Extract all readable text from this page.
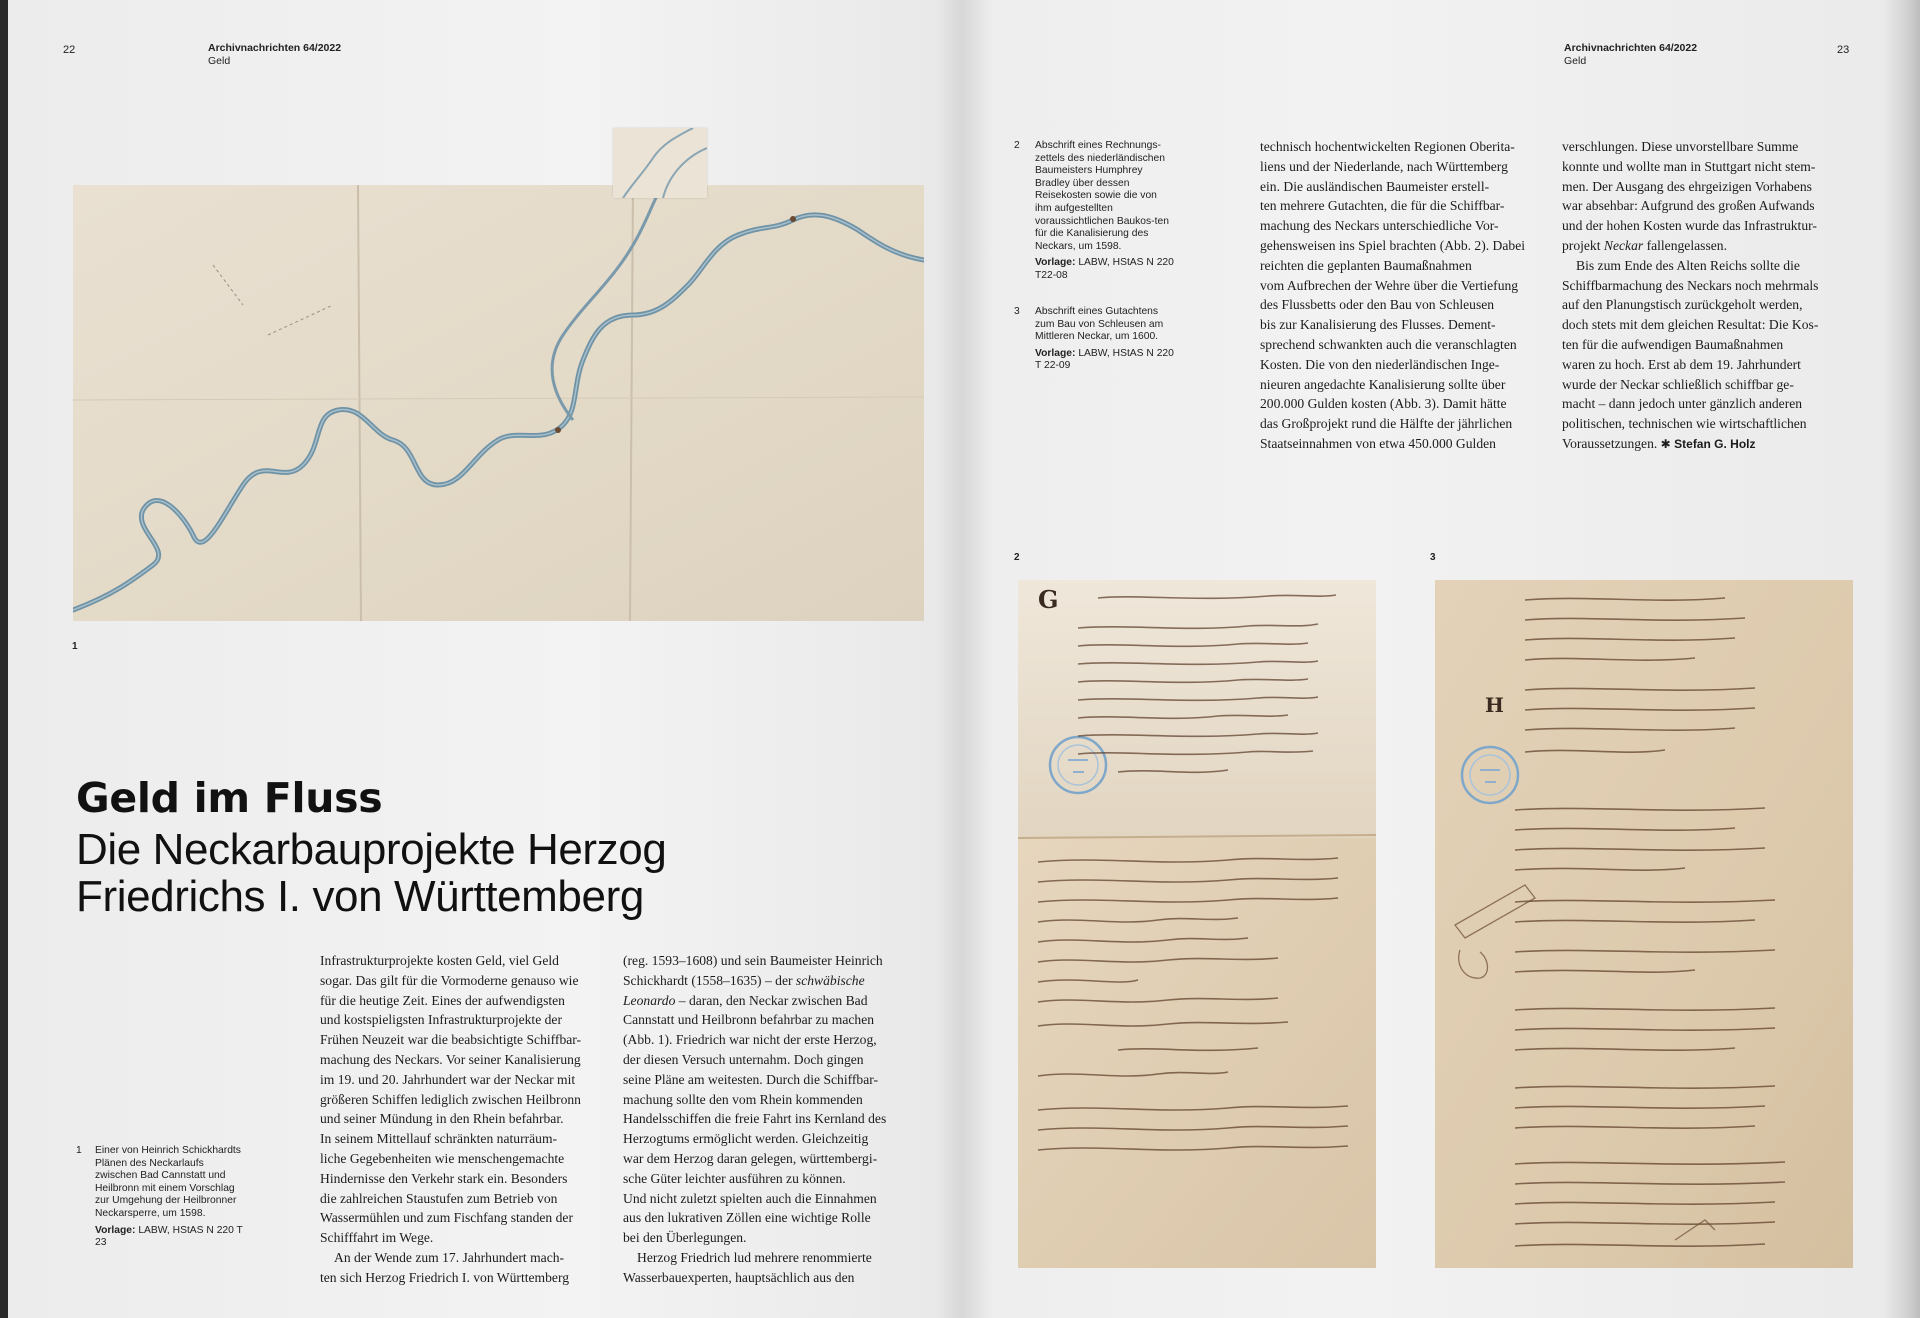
22	Archivnachrichten 64/2022
Geld
1
Geld im Fluss
Die Neckarbauprojekte Herzog
Friedrichs I. von Württemberg
1	Einer von Heinrich Schickhardts Plänen des Neckarlaufs zwischen Bad Cannstatt und Heilbronn mit einem Vorschlag zur Umgehung der Heilbronner Neckarsperre, um 1598.
Vorlage: LABW, HStAS N 220 T 23

Infrastrukturprojekte kosten Geld, viel Geld

sogar. Das gilt für die Vormoderne genauso wie

für die heutige Zeit. Eines der aufwendigsten

und kostspieligsten Infrastrukturprojekte der

Frühen Neuzeit war die beabsichtigte Schiffbar-

machung des Neckars. Vor seiner Kanalisierung

im 19. und 20. Jahrhundert war der Neckar mit

größeren Schiffen lediglich zwischen Heilbronn

und seiner Mündung in den Rhein befahrbar.

In seinem Mittellauf schränkten naturräum-

liche Gegebenheiten wie menschengemachte

Hindernisse den Verkehr stark ein. Besonders

die zahlreichen Staustufen zum Betrieb von

Wassermühlen und zum Fischfang standen der

Schifffahrt im Wege.

An der Wende zum 17. Jahrhundert mach-

ten sich Herzog Friedrich I. von Württemberg

(reg. 1593–1608) und sein Baumeister Heinrich

Schickhardt (1558–1635) – der schwäbische

Leonardo – daran, den Neckar zwischen Bad

Cannstatt und Heilbronn befahrbar zu machen

(Abb. 1). Friedrich war nicht der erste Herzog,

der diesen Versuch unternahm. Doch gingen

seine Pläne am weitesten. Durch die Schiffbar-

machung sollte den vom Rhein kommenden

Handelsschiffen die freie Fahrt ins Kernland des

Herzogtums ermöglicht werden. Gleichzeitig

war dem Herzog daran gelegen, württembergi-

sche Güter leichter ausführen zu können.

Und nicht zuletzt spielten auch die Einnahmen

aus den lukrativen Zöllen eine wichtige Rolle

bei den Überlegungen.

Herzog Friedrich lud mehrere renommierte

Wasserbauexperten, hauptsächlich aus den

Archivnachrichten 64/2022
Geld
23
2	Abschrift eines Rechnungs-zettels des niederländischen Baumeisters Humphrey Bradley über dessen Reisekosten sowie die von ihm aufgestellten voraussichtlichen Baukos-ten für die Kanalisierung des Neckars, um 1598.
Vorlage: LABW, HStAS N 220 T22-08
3	Abschrift eines Gutachtens zum Bau von Schleusen am Mittleren Neckar, um 1600.
Vorlage: LABW, HStAS N 220 T 22-09

technisch hochentwickelten Regionen Oberita-

liens und der Niederlande, nach Württemberg

ein. Die ausländischen Baumeister erstell-

ten mehrere Gutachten, die für die Schiffbar-

machung des Neckars unterschiedliche Vor-

gehensweisen ins Spiel brachten (Abb. 2). Dabei

reichten die geplanten Baumaßnahmen

vom Aufbrechen der Wehre über die Vertiefung

des Flussbetts oder den Bau von Schleusen

bis zur Kanalisierung des Flusses. Dement-

sprechend schwankten auch die veranschlagten

Kosten. Die von den niederländischen Inge-

nieuren angedachte Kanalisierung sollte über

200.000 Gulden kosten (Abb. 3). Damit hätte

das Großprojekt rund die Hälfte der jährlichen

Staatseinnahmen von etwa 450.000 Gulden

verschlungen. Diese unvorstellbare Summe

konnte und wollte man in Stuttgart nicht stem-

men. Der Ausgang des ehrgeizigen Vorhabens

war absehbar: Aufgrund des großen Aufwands

und der hohen Kosten wurde das Infrastruktur-

projekt Neckar fallengelassen.

Bis zum Ende des Alten Reichs sollte die

Schiffbarmachung des Neckars noch mehrmals

auf den Planungstisch zurückgeholt werden,

doch stets mit dem gleichen Resultat: Die Kos-

ten für die aufwendigen Baumaßnahmen

waren zu hoch. Erst ab dem 19. Jahrhundert

wurde der Neckar schließlich schiffbar ge-

macht – dann jedoch unter gänzlich anderen

politischen, technischen wie wirtschaftlichen

Voraussetzungen. ✱ Stefan G. Holz

2	3
G
H
